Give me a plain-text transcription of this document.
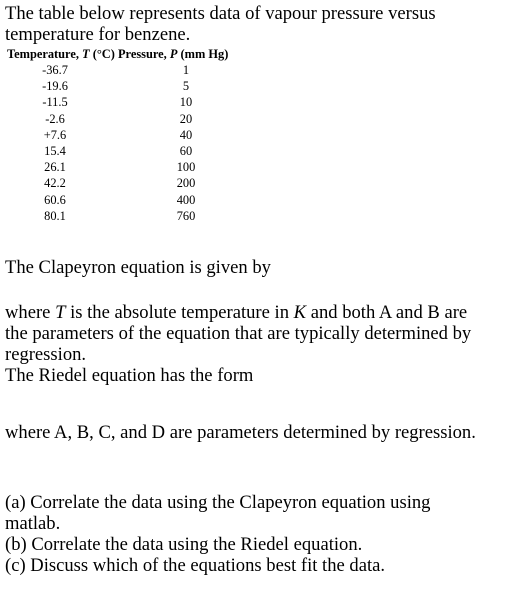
The table below represents data of vapour pressure versus
temperature for benzene.
Temperature, T (°C) Pressure, P (mm Hg)
-36.7	1
-19.6	5
-11.5	10
-2.6	20
+7.6	40
15.4	60
26.1	100
42.2	200
60.6	400
80.1	760
The Clapeyron equation is given by
where T is the absolute temperature in K and both A and B are
the parameters of the equation that are typically determined by
regression.
The Riedel equation has the form
where A, B, C, and D are parameters determined by regression.
(a) Correlate the data using the Clapeyron equation using
matlab.
(b) Correlate the data using the Riedel equation.
(c) Discuss which of the equations best fit the data.
